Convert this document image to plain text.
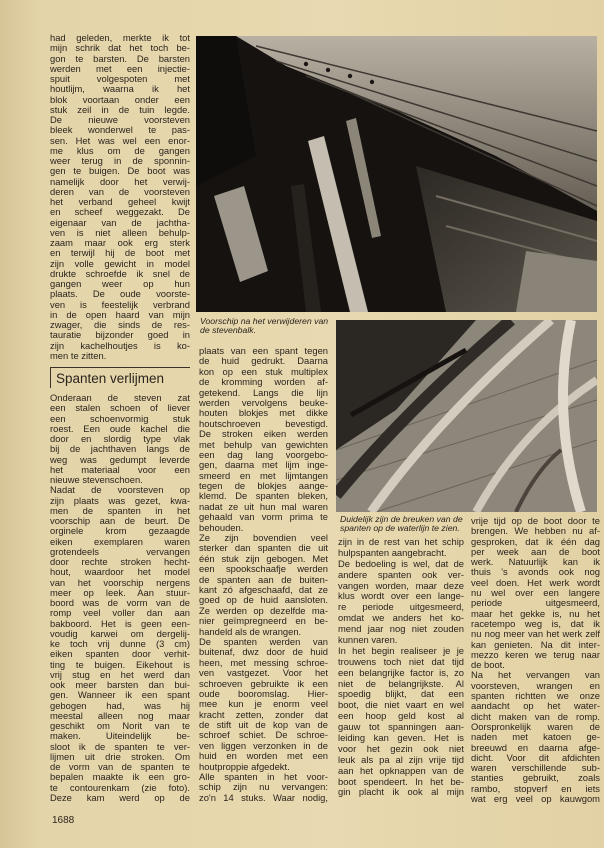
had geleden, merkte ik tot
mijn schrik dat het toch be-
gon te barsten. De barsten
werden met een injectie-
spuit volgespoten met
houtlijm, waarna ik het
blok voortaan onder een
stuk zeil in de tuin legde.
De nieuwe voorsteven
bleek wonderwel te pas-
sen. Het was wel een enor-
me klus om de gangen
weer terug in de sponnin-
gen te buigen. De boot was
namelijk door het verwij-
deren van de voorsteven
het verband geheel kwijt
en scheef weggezakt. De
eigenaar van de jachtha-
ven is niet alleen behulp-
zaam maar ook erg sterk
en terwijl hij de boot met
zijn volle gewicht in model
drukte schroefde ik snel de
gangen weer op hun
plaats. De oude voorste-
ven is feestelijk verbrand
in de open haard van mijn
zwager, die sinds de res-
tauratie bijzonder goed in
zijn kachelhoutjes is ko-
men te zitten.
Spanten verlijmen
Onderaan de steven zat
een stalen schoen of liever
een schoenvormig stuk
roest. Een oude kachel die
door en slordig type vlak
bij de jachthaven langs de
weg was gedumpt leverde
het materiaal voor een
nieuwe stevenschoen.
Nadat de voorsteven op
zijn plaats was gezet, kwa-
men de spanten in het
voorschip aan de beurt. De
orginele krom gezaagde
eiken exemplaren waren
grotendeels vervangen
door rechte stroken hecht-
hout, waardoor het model
van het voorschip nergens
meer op leek. Aan stuur-
boord was de vorm van de
romp veel voller dan aan
bakboord. Het is geen een-
voudig karwei om dergelij-
ke toch vrij dunne (3 cm)
eiken spanten door verhit-
ting te buigen. Eikehout is
vrij stug en het werd dan
ook meer barsten dan bui-
gen. Wanneer ik een spant
gebogen had, was hij
meestal alleen nog maar
geschikt om Norit van te
maken. Uiteindelijk be-
sloot ik de spanten te ver-
lijmen uit drie stroken. Om
de vorm van de spanten te
bepalen maakte ik een gro-
te contourenkam (zie foto).
Deze kam werd op de
Voorschip na het verwijderen van
de stevenbalk.
plaats van een spant tegen
de huid gedrukt. Daarna
kon op een stuk multiplex
de kromming worden af-
getekend. Langs die lijn
werden vervolgens beuke-
houten blokjes met dikke
houtschroeven bevestigd.
De stroken eiken werden
met behulp van gewichten
een dag lang voorgebo-
gen, daarna met lijm inge-
smeerd en met lijmtangen
tegen de blokjes aange-
klemd. De spanten bleken,
nadat ze uit hun mal waren
gehaald van vorm prima te
behouden.
Ze zijn bovendien veel
sterker dan spanten die uit
één stuk zijn gebogen. Met
een spookschaafje werden
de spanten aan de buiten-
kant zó afgeschaafd, dat ze
goed op de huid aansloten.
Ze werden op dezelfde ma-
nier geïmpregneerd en be-
handeld als de wrangen.
De spanten werden van
buitenaf, dwz door de huid
heen, met messing schroe-
ven vastgezet. Voor het
schroeven gebruikte ik een
oude booromslag. Hier-
mee kun je enorm veel
kracht zetten, zonder dat
de stift uit de kop van de
schroef schiet. De schroe-
ven liggen verzonken in de
huid en worden met een
houtproppie afgedekt.
Alle spanten in het voor-
schip zijn nu vervangen:
zo'n 14 stuks. Waar nodig,
Duidelijk zijn de breuken van de
spanten op de waterlijn te zien.
zijn in de rest van het schip
hulpspanten aangebracht.
De bedoeling is wel, dat de
andere spanten ook ver-
vangen worden, maar deze
klus wordt over een lange-
re periode uitgesmeerd,
omdat we anders het ko-
mend jaar nog niet zouden
kunnen varen.
In het begin realiseer je je
trouwens toch niet dat tijd
een belangrijke factor is, zo
niet de belangrijkste. Al
spoedig blijkt, dat een
boot, die niet vaart en wel
een hoop geld kost al
gauw tot spanningen aan-
leiding kan geven. Het is
voor het gezin ook niet
leuk als pa al zijn vrije tijd
aan het opknappen van de
boot spendeert. In het be-
gin placht ik ook al mijn
vrije tijd op de boot door te
brengen. We hebben nu af-
gesproken, dat ik één dag
per week aan de boot
werk. Natuurlijk kan ik
thuis 's avonds ook nog
veel doen. Het werk wordt
nu wel over een langere
periode uitgesmeerd,
maar het gekke is, nu het
racetempo weg is, dat ik
nu nog meer van het werk zelf
kan genieten. Na dit inter-
mezzo keren we terug naar
de boot.
Na het vervangen van
voorsteven, wrangen en
spanten richtten we onze
aandacht op het water-
dicht maken van de romp.
Oorspronkelijk waren de
naden met katoen ge-
breeuwd en daarna afge-
dicht. Voor dit afdichten
waren verschillende sub-
stanties gebruikt, zoals
rambo, stopverf en iets
wat erg veel op kauwgom
1688
